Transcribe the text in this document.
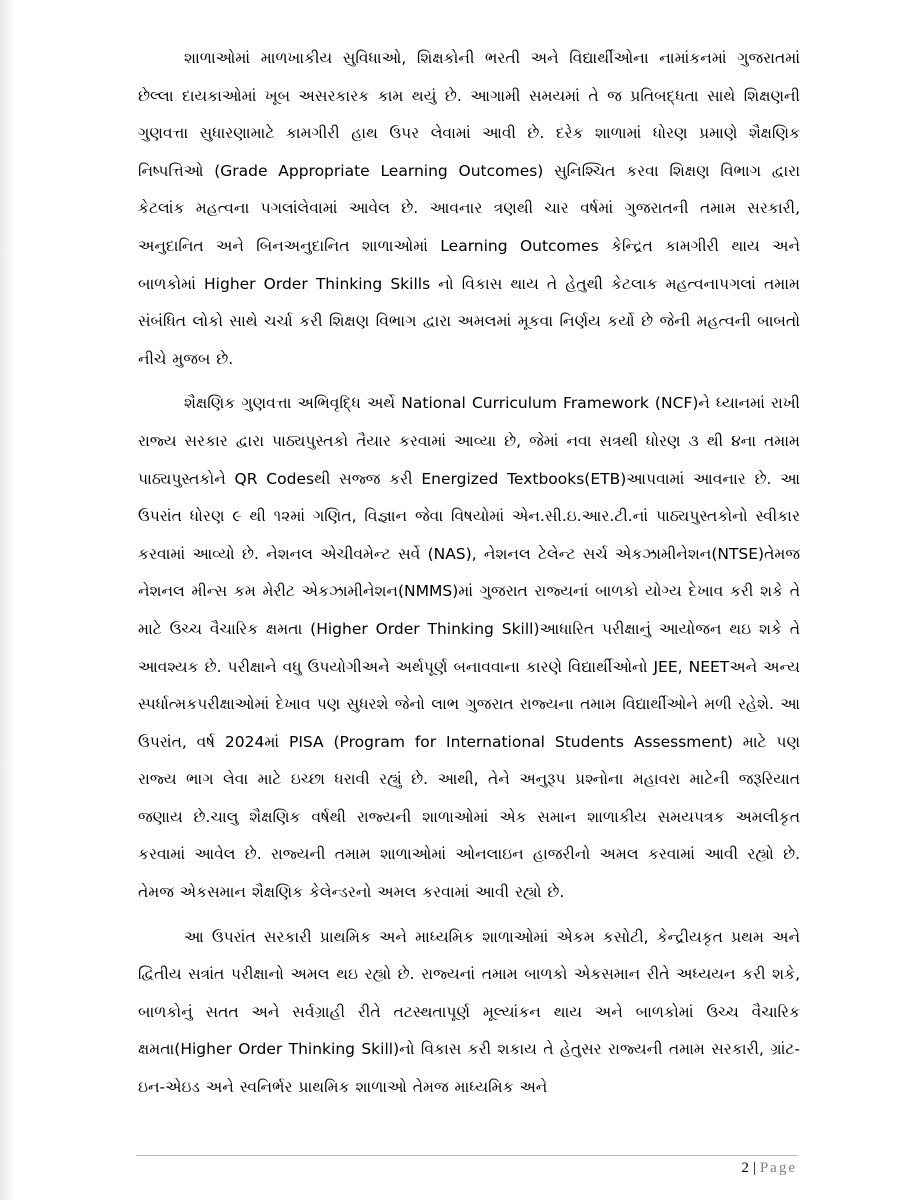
શાળાઓમાં માળખાકીય સુવિધાઓ, શિક્ષકોની ભરતી અને વિદ્યાર્થીઓના નામાંકનમાં ગુજરાતમાં છેલ્લા દાયકાઓમાં ખૂબ અસરકારક કામ થયું છે. આગામી સમયમાં તે જ પ્રતિબદ્ધતા સાથે શિક્ષણની ગુણવત્તા સુધારણામાટે કામગીરી હાથ ઉપર લેવામાં આવી છે. દરેક શાળામાં ધોરણ પ્રમાણે શૈક્ષણિક નિષ્પત્તિઓ (Grade Appropriate Learning Outcomes) સુનિશ્ચિત કરવા શિક્ષણ વિભાગ દ્વારા કેટલાંક મહત્વના પગલાંલેવામાં આવેલ છે. આવનાર ત્રણથી ચાર વર્ષમાં ગુજરાતની તમામ સરકારી, અનુદાનિત અને બિનઅનુદાનિત શાળાઓમાં Learning Outcomes કેન્દ્રિત કામગીરી થાય અને બાળકોમાં Higher Order Thinking Skills નો વિકાસ થાય તે હેતુથી કેટલાક મહત્વનાપગલાં તમામ સંબંધિત લોકો સાથે ચર્ચા કરી શિક્ષણ વિભાગ દ્વારા અમલમાં મૂકવા નિર્ણય કર્યો છે જેની મહત્વની બાબતો નીચે મુજબ છે.

શૈક્ષણિક ગુણવત્તા અભિવૃદ્ધિ અર્થે National Curriculum Framework (NCF)ને ધ્યાનમાં રાખી રાજ્ય સરકાર દ્વારા પાઠ્યપુસ્તકો તૈયાર કરવામાં આવ્યા છે, જેમાં નવા સત્રથી ધોરણ ૩ થી ૪ના તમામ પાઠ્યપુસ્તકોને QR Codesથી સજ્જ કરી Energized Textbooks(ETB)આપવામાં આવનાર છે. આ ઉપરાંત ધોરણ ૯ થી ૧૨માં ગણિત, વિજ્ઞાન જેવા વિષયોમાં એન.સી.ઇ.આર.ટી.નાં પાઠ્યપુસ્તકોનો સ્વીકાર કરવામાં આવ્યો છે. નેશનલ એચીવમેન્ટ સર્વે (NAS), નેશનલ ટેલેન્ટ સર્ચ એકઝામીનેશન(NTSE)તેમજ નેશનલ મીન્સ કમ મેરીટ એકઝામીનેશન(NMMS)માં ગુજરાત રાજ્યનાં બાળકો યોગ્ય દેખાવ કરી શકે તે માટે ઉચ્ચ વૈચારિક ક્ષમતા (Higher Order Thinking Skill)આધારિત પરીક્ષાનું આયોજન થઇ શકે તે આવશ્યક છે. પરીક્ષાને વધુ ઉપયોગીઅને અર્થપૂર્ણ બનાવવાના કારણે વિદ્યાર્થીઓનો JEE, NEETઅને અન્ય સ્પર્ધાત્મકપરીક્ષાઓમાં દેખાવ પણ સુધરશે જેનો લાભ ગુજરાત રાજ્યના તમામ વિદ્યાર્થીઓને મળી રહેશે. આ ઉપરાંત, વર્ષ 2024માં PISA (Program for International Students Assessment) માટે પણ રાજ્ય ભાગ લેવા માટે ઇચ્છા ધરાવી રહ્યું છે. આથી, તેને અનુરૂપ પ્રશ્નોના મહાવરા માટેની જરૂરિયાત જણાય છે.ચાલુ શૈક્ષણિક વર્ષથી રાજ્યની શાળાઓમાં એક સમાન શાળાકીય સમયપત્રક અમલીકૃત કરવામાં આવેલ છે. રાજ્યની તમામ શાળાઓમાં ઓનલાઇન હાજરીનો અમલ કરવામાં આવી રહ્યો છે. તેમજ એકસમાન શૈક્ષણિક કેલેન્ડરનો અમલ કરવામાં આવી રહ્યો છે.

આ ઉપરાંત સરકારી પ્રાથમિક અને માધ્યમિક શાળાઓમાં એકમ કસોટી, કેન્દ્રીયકૃત પ્રથમ અને દ્વિતીય સત્રાંત પરીક્ષાનો અમલ થઇ રહ્યો છે. રાજ્યનાં તમામ બાળકો એકસમાન રીતે અધ્યયન કરી શકે, બાળકોનું સતત અને સર્વગ્રાહી રીતે તટસ્થતાપૂર્ણ મૂલ્યાંકન થાય અને બાળકોમાં ઉચ્ચ વૈચારિક ક્ષમતા(Higher Order Thinking Skill)નો વિકાસ કરી શકાય તે હેતુસર રાજ્યની તમામ સરકારી, ગ્રાંટ-ઇન-એઇડ અને સ્વનિર્ભર પ્રાથમિક શાળાઓ તેમજ માધ્યમિક અને

2 | Page
